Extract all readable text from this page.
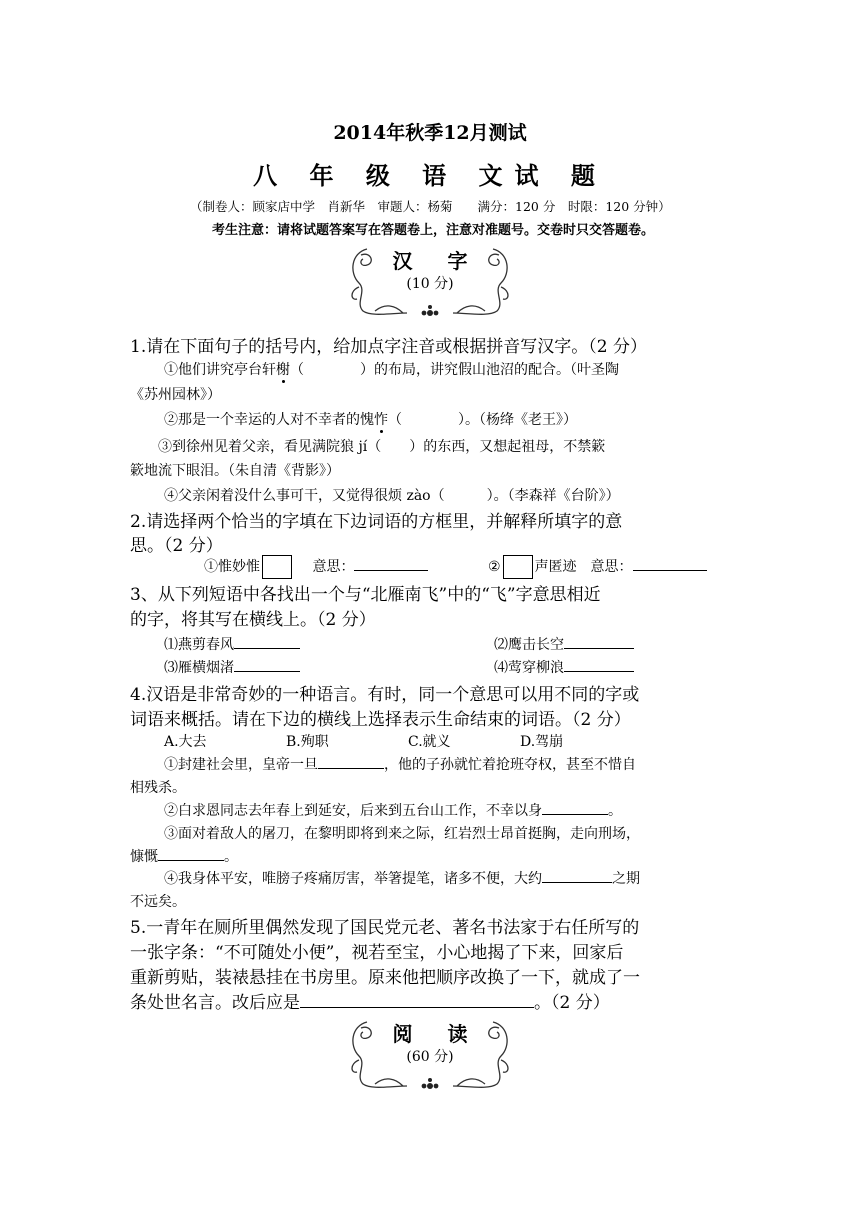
2014年秋季12月测试
八 年 级 语 文试 题
（制卷人：顾家店中学　肖新华　审题人：杨菊　　满分：120 分　时限：120 分钟）
考生注意：请将试题答案写在答题卷上，注意对准题号。交卷时只交答题卷。
汉 字
(10 分)
1.请在下面句子的括号内，给加点字注音或根据拼音写汉字。（2 分）
①他们讲究亭台轩榭（　　　　）的布局，讲究假山池沼的配合。（叶圣陶
《苏州园林》）
②那是一个幸运的人对不幸者的愧怍（　　　　）。（杨绛《老王》）
③到徐州见着父亲，看见满院狼 jí（　　）的东西，又想起祖母，不禁簌
簌地流下眼泪。（朱自清《背影》）
④父亲闲着没什么事可干，又觉得很烦 zào（　　　）。（李森祥《台阶》）
2.请选择两个恰当的字填在下边词语的方框里，并解释所填字的意
思。（2 分）
①惟妙惟	意思：	② 声匿迹　意思：
3、从下列短语中各找出一个与“北雁南飞”中的“飞”字意思相近
的字，将其写在横线上。（2 分）
⑴燕剪春风	⑵鹰击长空
⑶雁横烟渚	⑷莺穿柳浪
4.汉语是非常奇妙的一种语言。有时，同一个意思可以用不同的字或
词语来概括。请在下边的横线上选择表示生命结束的词语。（2 分）
A.大去	B.殉职	C.就义	D.驾崩
①封建社会里，皇帝一旦	，他的子孙就忙着抢班夺权，甚至不惜自
相残杀。
②白求恩同志去年春上到延安，后来到五台山工作，不幸以身	。
③面对着敌人的屠刀，在黎明即将到来之际，红岩烈士昂首挺胸，走向刑场，
慷慨	。
④我身体平安，唯膀子疼痛厉害，举箸提笔，诸多不便，大约	之期
不远矣。
5.一青年在厕所里偶然发现了国民党元老、著名书法家于右任所写的
一张字条：“不可随处小便”，视若至宝，小心地揭了下来，回家后
重新剪贴，装裱悬挂在书房里。原来他把顺序改换了一下，就成了一
条处世名言。改后应是	。（2 分）
阅 读
(60 分)
